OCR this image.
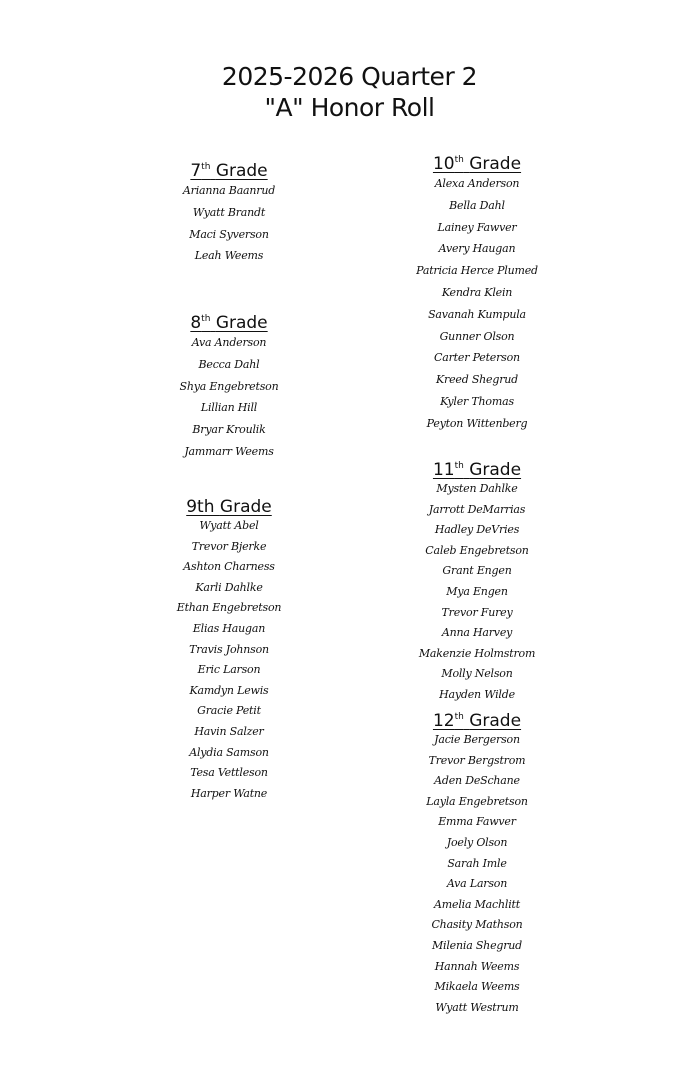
2025-2026 Quarter 2
"A" Honor Roll
7th Grade
Arianna Baanrud
Wyatt Brandt
Maci Syverson
Leah Weems
8th Grade
Ava Anderson
Becca Dahl
Shya Engebretson
Lillian Hill
Bryar Kroulik
Jammarr Weems
9th Grade
Wyatt Abel
Trevor Bjerke
Ashton Charness
Karli Dahlke
Ethan Engebretson
Elias Haugan
Travis Johnson
Eric Larson
Kamdyn Lewis
Gracie Petit
Havin Salzer
Alydia Samson
Tesa Vettleson
Harper Watne
10th Grade
Alexa Anderson
Bella Dahl
Lainey Fawver
Avery Haugan
Patricia Herce Plumed
Kendra Klein
Savanah Kumpula
Gunner Olson
Carter Peterson
Kreed Shegrud
Kyler Thomas
Peyton Wittenberg
11th Grade
Mysten Dahlke
Jarrott DeMarrias
Hadley DeVries
Caleb Engebretson
Grant Engen
Mya Engen
Trevor Furey
Anna Harvey
Makenzie Holmstrom
Molly Nelson
Hayden Wilde
12th Grade
Jacie Bergerson
Trevor Bergstrom
Aden DeSchane
Layla Engebretson
Emma Fawver
Joely Olson
Sarah Imle
Ava Larson
Amelia Machlitt
Chasity Mathson
Milenia Shegrud
Hannah Weems
Mikaela Weems
Wyatt Westrum
